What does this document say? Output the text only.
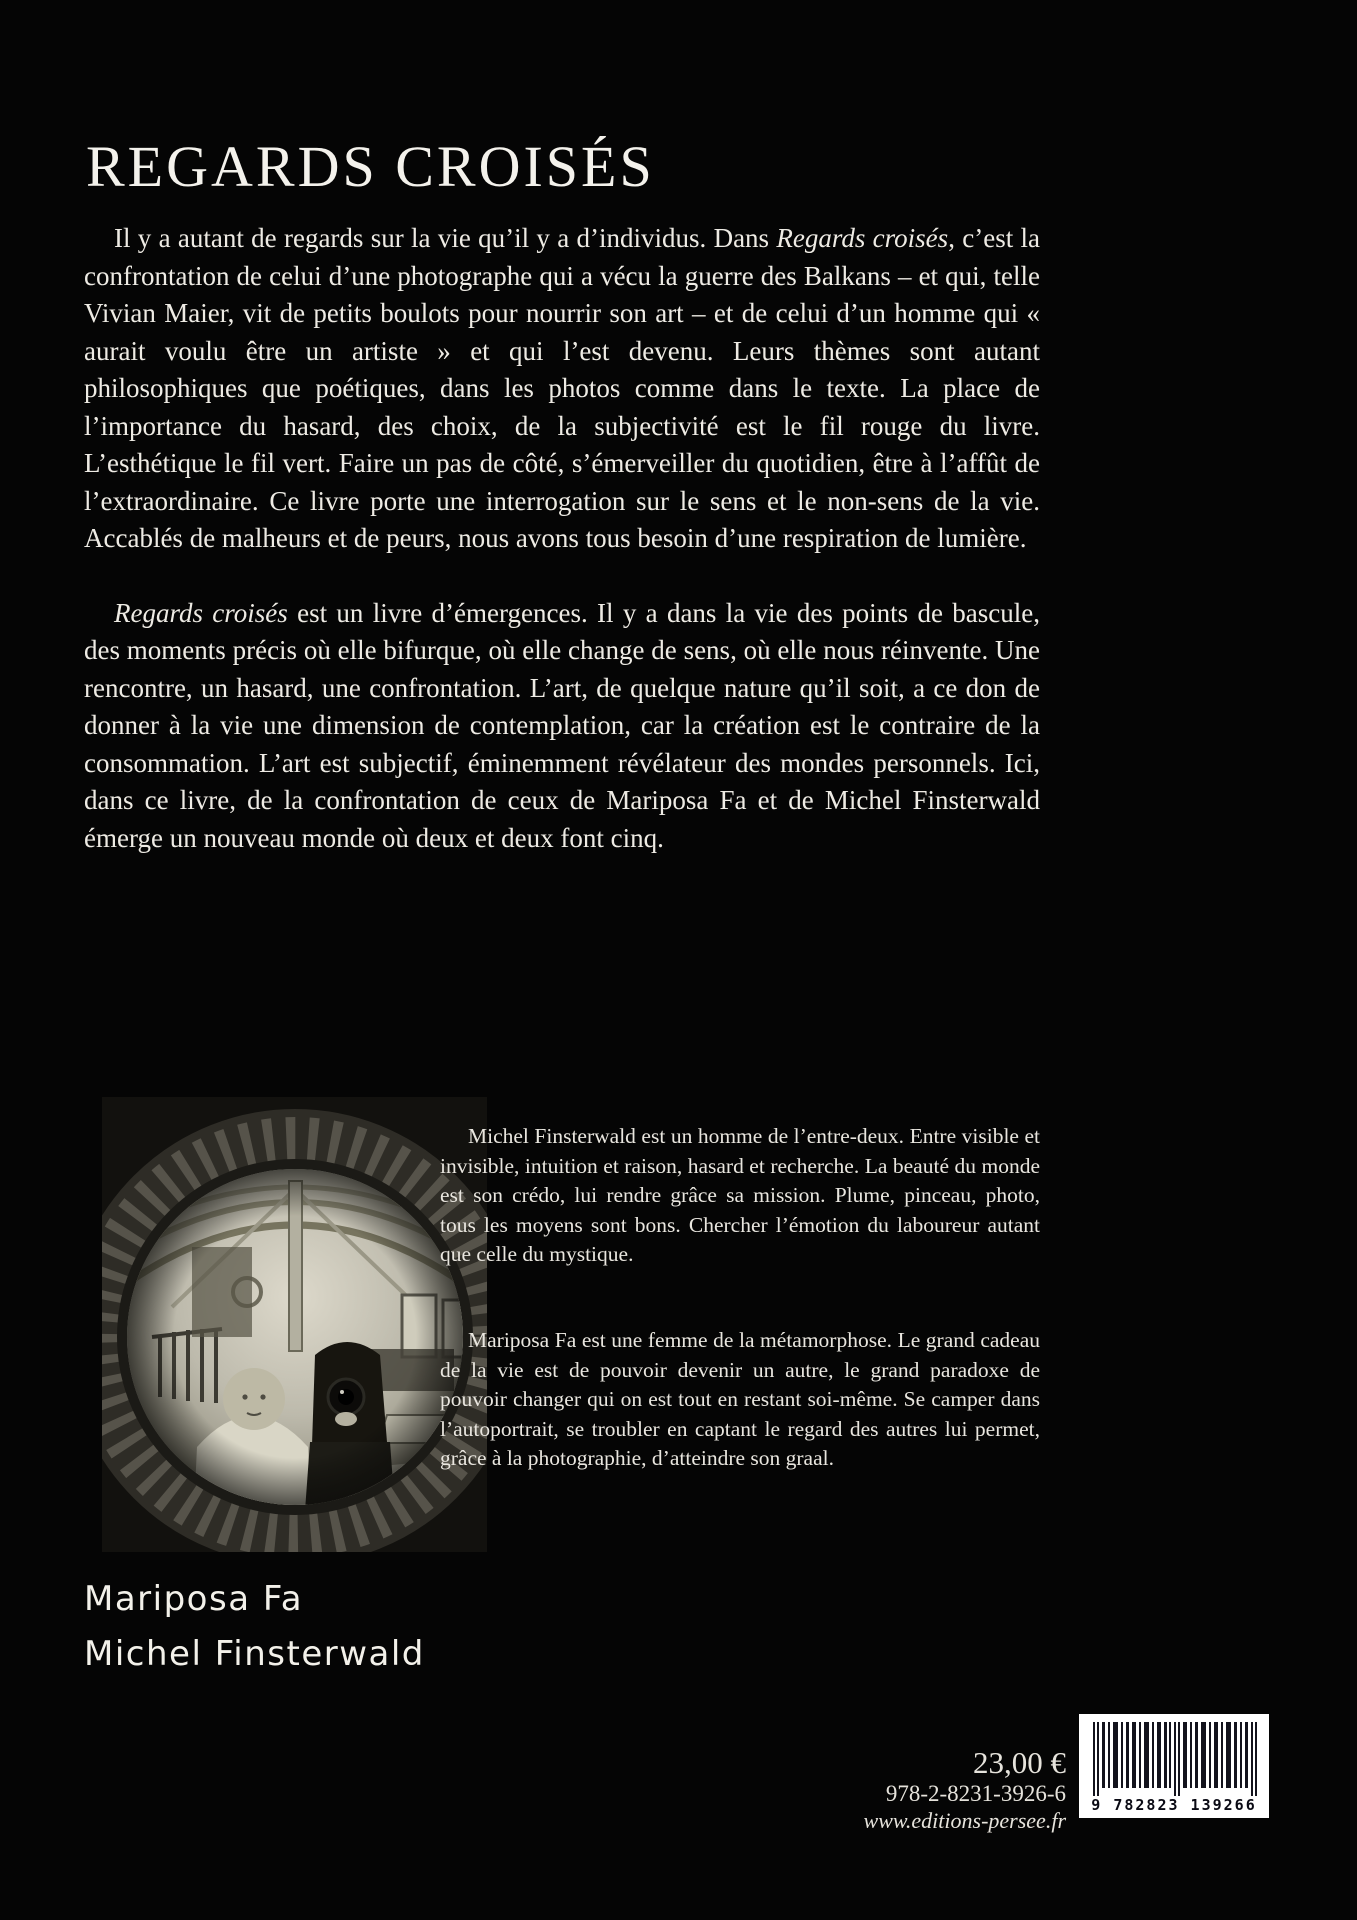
REGARDS CROISÉS

Il y a autant de regards sur la vie qu’il y a d’individus. Dans Regards croisés, c’est la confrontation de celui d’une photographe qui a vécu la guerre des Balkans – et qui, telle Vivian Maier, vit de petits boulots pour nourrir son art – et de celui d’un homme qui « aurait voulu être un artiste » et qui l’est devenu. Leurs thèmes sont autant philosophiques que poétiques, dans les photos comme dans le texte. La place de l’importance du hasard, des choix, de la subjectivité est le fil rouge du livre. L’esthétique le fil vert. Faire un pas de côté, s’émerveiller du quotidien, être à l’affût de l’extraordinaire. Ce livre porte une interrogation sur le sens et le non-sens de la vie. Accablés de malheurs et de peurs, nous avons tous besoin d’une respiration de lumière.

Regards croisés est un livre d’émergences. Il y a dans la vie des points de bascule, des moments précis où elle bifurque, où elle change de sens, où elle nous réinvente. Une rencontre, un hasard, une confrontation. L’art, de quelque nature qu’il soit, a ce don de donner à la vie une dimension de contemplation, car la création est le contraire de la consommation. L’art est subjectif, éminemment révélateur des mondes personnels. Ici, dans ce livre, de la confrontation de ceux de Mariposa Fa et de Michel Finsterwald émerge un nouveau monde où deux et deux font cinq.

Michel Finsterwald est un homme de l’entre-deux. Entre visible et invisible, intuition et raison, hasard et recherche. La beauté du monde est son crédo, lui rendre grâce sa mission. Plume, pinceau, photo, tous les moyens sont bons. Chercher l’émotion du laboureur autant que celle du mystique.

Mariposa Fa est une femme de la métamorphose. Le grand cadeau de la vie est de pouvoir devenir un autre, le grand paradoxe de pouvoir changer qui on est tout en restant soi-même. Se camper dans l’autoportrait, se troubler en captant le regard des autres lui permet, grâce à la photographie, d’atteindre son graal.

Mariposa Fa
Michel Finsterwald
23,00 €
978-2-8231-3926-6
www.editions-persee.fr
9 782823 139266
